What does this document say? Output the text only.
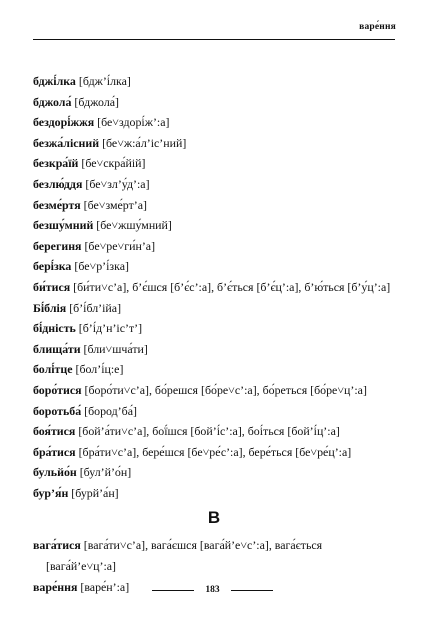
варе́ння

бджі́лка [бдж’і́лка]

бджола́ [бджола́]

бездорі́жжя [бе˅здорі́ж’:а]

безжа́лісний [бе˅ж:а́л’іс’ний]

безкра́їй [бе˅скра́йій]

безлю́ддя [бе˅зл’у́д’:а]

безме́ртя [бе˅зме́рт’а]

безшу́мний [бе˅жшу́мний]

берегиня [бе˅ре˅ги́н’а]

бері́зка [бе˅р’і́зка]

би́тися [би́ти˅с’а], б’є́шся [б’є́с’:а], б’є́ться [б’є́ц’:а], б’ю́ться [б’у́ц’:а]

Бі́блія [б’і́бл’ійа]

бі́дність [б’і́д’н’іс’т’]

блища́ти [бли˅шча́ти]

болі́тце [бол’і́ц:е]

боро́тися [боро́ти˅с’а], бо́решся [бо́ре˅с’:а], бо́реться [бо́ре˅ц’:а]

боротьба́ [бород’ба́]

боя́тися [бой’а́ти˅с’а], бої́шся [бой’і́с’:а], боі́ться [бой’і́ц’:а]

бра́тися [бра́ти˅с’а], бере́шся [бе˅ре́с’:а], бере́ться [бе˅ре́ц’:а]

бульйо́н [бул’й’о́н]

бур’я́н [бурй’а́н]

В

вага́тися [вага́ти˅с’а], вага́єшся [вага́й’е˅с’:а], вага́ється [вага́й’е˅ц’:а]

варе́ння [варе́н’:а]	183
